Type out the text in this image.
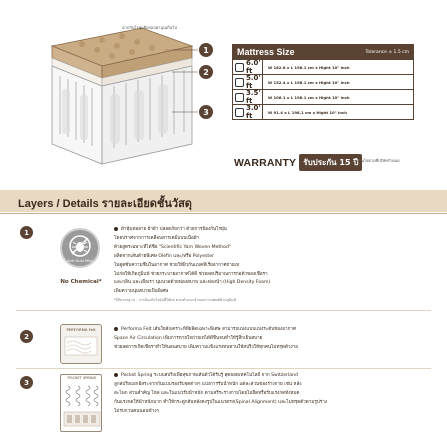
ฉากกันไรฝุ่นยิดรอบฝานุ่นเกินไป
1
2
3
Mattress Size	Tolerance ± 1.5 cm
6.0' ft	W 182.8 x L 198.1 cm x Hight 10" inch
5.0' ft	W 152.4 x L 198.1 cm x Hight 10" inch
3.5' ft	W 106.1 x L 198.1 cm x Hight 10" inch
3.0' ft	W 91.4 x L 198.1 cm x Hight 10" inch
WARRANTY รับประกัน 15 ปี
เงื่อนไขตามที่บริษัทกำหนด
Layers / Details รายละเอียดชั้นวัสดุ
1
Anti Dust Mite
No Chemical*
ผ้าหุ้มทอลาย ผ้าผ้า ปลอดภัยกว่า ด้วยการป้องกันไรฝุ่น
โดยปราศจากการเคลือบสารเคมีแบบเนื้อผ้า
ด้วยสูตรเฉพาะที่ได้ชื่อ "Scientific Yarn Woven Method"
ผลิตจากเส้นด้ายพิเศษ Olefin และ/หรือ Polyester
ไม่ดูดซับความชื้นในอากาศ ช่วยให้ผิวกันแบคทีเรียอากาศถ่ายเท
ไม่ก่อให้เกิดภูมิแพ้ ช่วยกระบายอากาศได้ดี ช่วยลดปริมาณการก่อตัวของเชื้อรา
และกลิ่น และเยื่อเรา นุ่มนวลด้วยฟองสบาย และฟองน้ำ (High Density Foam)
เพิ่มความนุ่มสบายเป็นพิเศษ
*ใต้มาตรฐาน - การป้องกันไรฝุ่นที่ได้ผล ตามคำแนะนำของการแพทย์ด้านภูมิแพ้
2
PERFORMA Felt	Performa Felt เส้นใยสังเคราะห์ที่ผลิตเฉพาะพิเศษ สามารถแบ่งแบบแบ่งระดับช่องอากาศ
Space Air Circulation เพิ่มการหายใจถ่ายเทได้ดีขึ้นจนทำให้รู้สึกเย็นสบาย
ช่วยลดการเกิดเชื้อราทำให้นอนสบาย เพิ่มความแข็งแรงทนทานให้สปริงให้ทุกคนไม่ทรุดตัวง่าย
3
POCKET SPRING	Pocket Spring ระบบสปริงเพื่อสุขภาพเส้นตัวได้รับรู้ สุดยอดเทคโนโลยี จาก Switzerland
ลูกสปริงแยกอิสระจากกันแบบรองรับจุดต่างๆ แบ่งการรับน้ำหนัก แต่ละส่วนของร่างกาย เช่น หลัง
สะโพก ส่วนสำคัญ ไหล่ และในแนวรับน้ำหนัก ตามสรีระร่างกายโดยไม่ยึดหรือรับแรงกดทั้งหมด
กันแรงกดให้น้ำหนักมาก ทำให้กระดูกสันหลังคงรูปในแนวตรง(Spinal Alignment) และไม่ทรุดตัวตามรูปร่าง
ไม่รบกวนคนนอนข้างๆ
